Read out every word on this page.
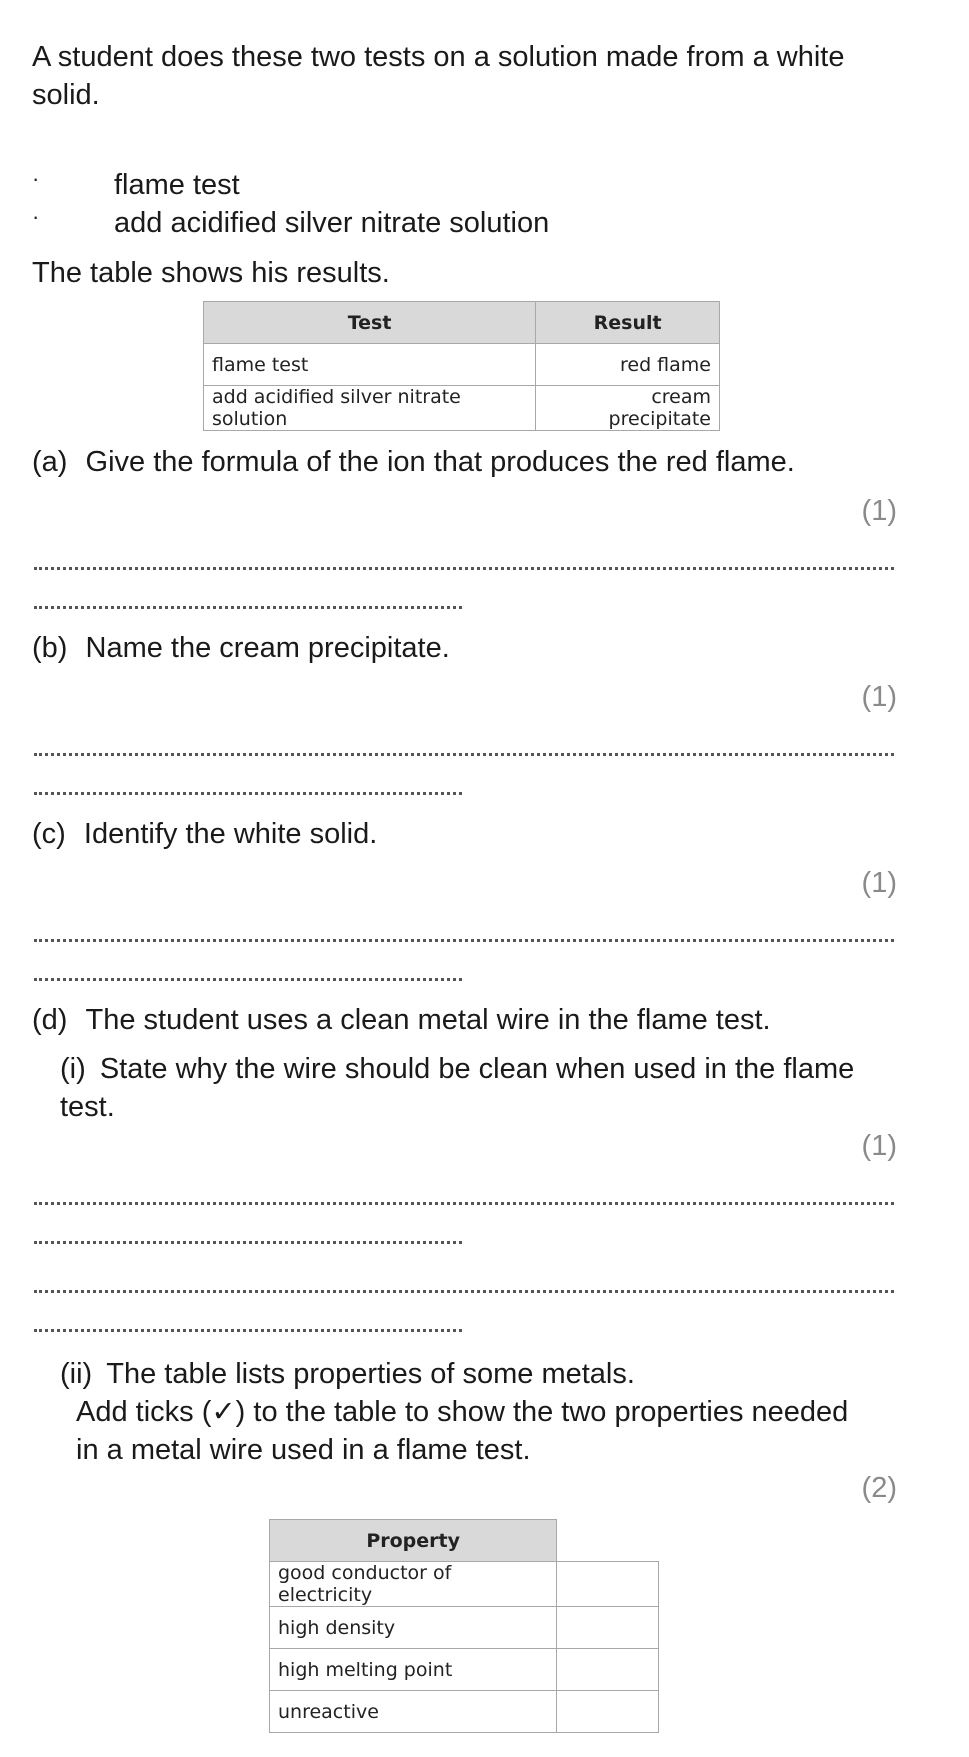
A student does these two tests on a solution made from a white solid.
·	flame test
·	add acidified silver nitrate solution
The table shows his results.
Test	Result
flame test	red flame
add acidified silver nitrate solution	cream precipitate
(a) Give the formula of the ion that produces the red flame.
(1)
(b) Name the cream precipitate.
(1)
(c) Identify the white solid.
(1)
(d) The student uses a clean metal wire in the flame test.
(i) State why the wire should be clean when used in the flame test.
(1)
(ii) The table lists properties of some metals.
Add ticks (✓) to the table to show the two properties needed in a metal wire used in a flame test.
(2)
Property	
good conductor of electricity	
high density	
high melting point	
unreactive	
